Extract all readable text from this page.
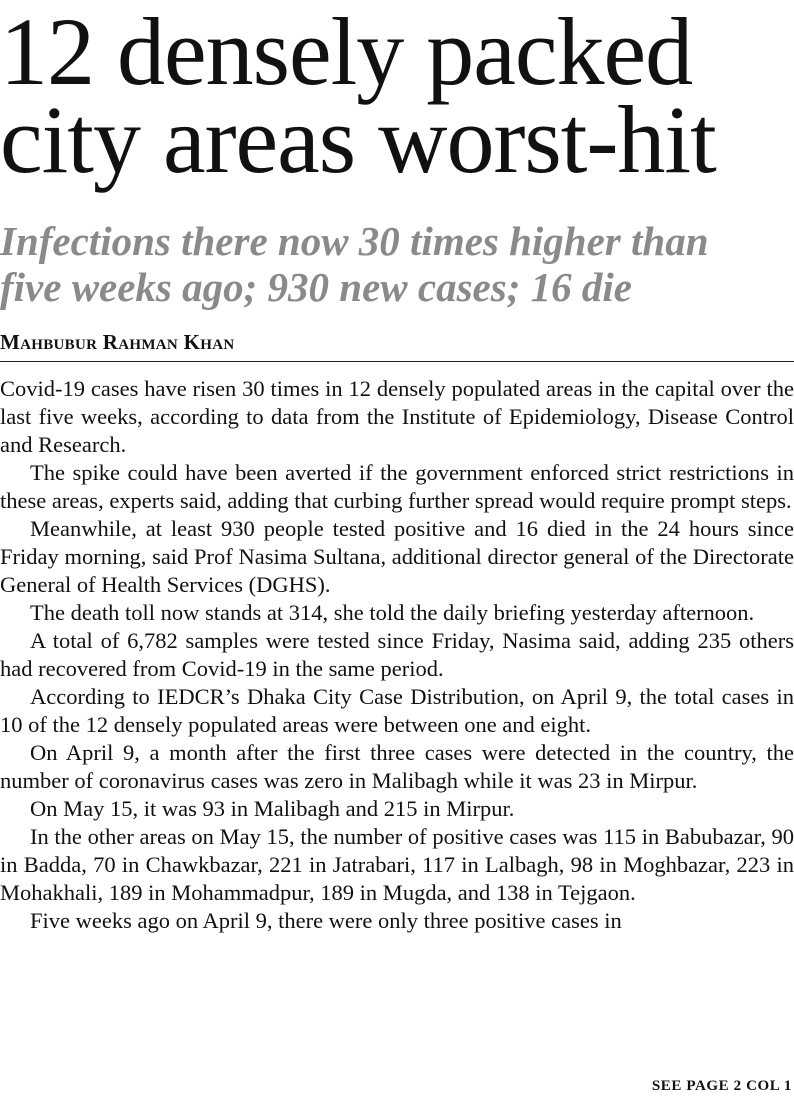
12 densely packed
city areas worst-hit
Infections there now 30 times higher than
five weeks ago; 930 new cases; 16 die
Mahbubur Rahman Khan

Covid-19 cases have risen 30 times in 12 densely populated areas in the capital over the last five weeks, according to data from the Institute of Epidemiology, Disease Control and Research.

The spike could have been averted if the government enforced strict restrictions in these areas, experts said, adding that curbing further spread would require prompt steps.

Meanwhile, at least 930 people tested positive and 16 died in the 24 hours since Friday morning, said Prof Nasima Sultana, additional director general of the Directorate General of Health Services (DGHS).

The death toll now stands at 314, she told the daily briefing yesterday afternoon.

A total of 6,782 samples were tested since Friday, Nasima said, adding 235 others had recovered from Covid-19 in the same period.

According to IEDCR’s Dhaka City Case Distribution, on April 9, the total cases in 10 of the 12 densely populated areas were between one and eight.

On April 9, a month after the first three cases were detected in the country, the number of coronavirus cases was zero in Malibagh while it was 23 in Mirpur.

On May 15, it was 93 in Malibagh and 215 in Mirpur.

In the other areas on May 15, the number of positive cases was 115 in Babubazar, 90 in Badda, 70 in Chawkbazar, 221 in Jatrabari, 117 in Lalbagh, 98 in Moghbazar, 223 in Mohakhali, 189 in Mohammadpur, 189 in Mugda, and 138 in Tejgaon.

Five weeks ago on April 9, there were only three positive cases in

SEE PAGE 2 COL 1
